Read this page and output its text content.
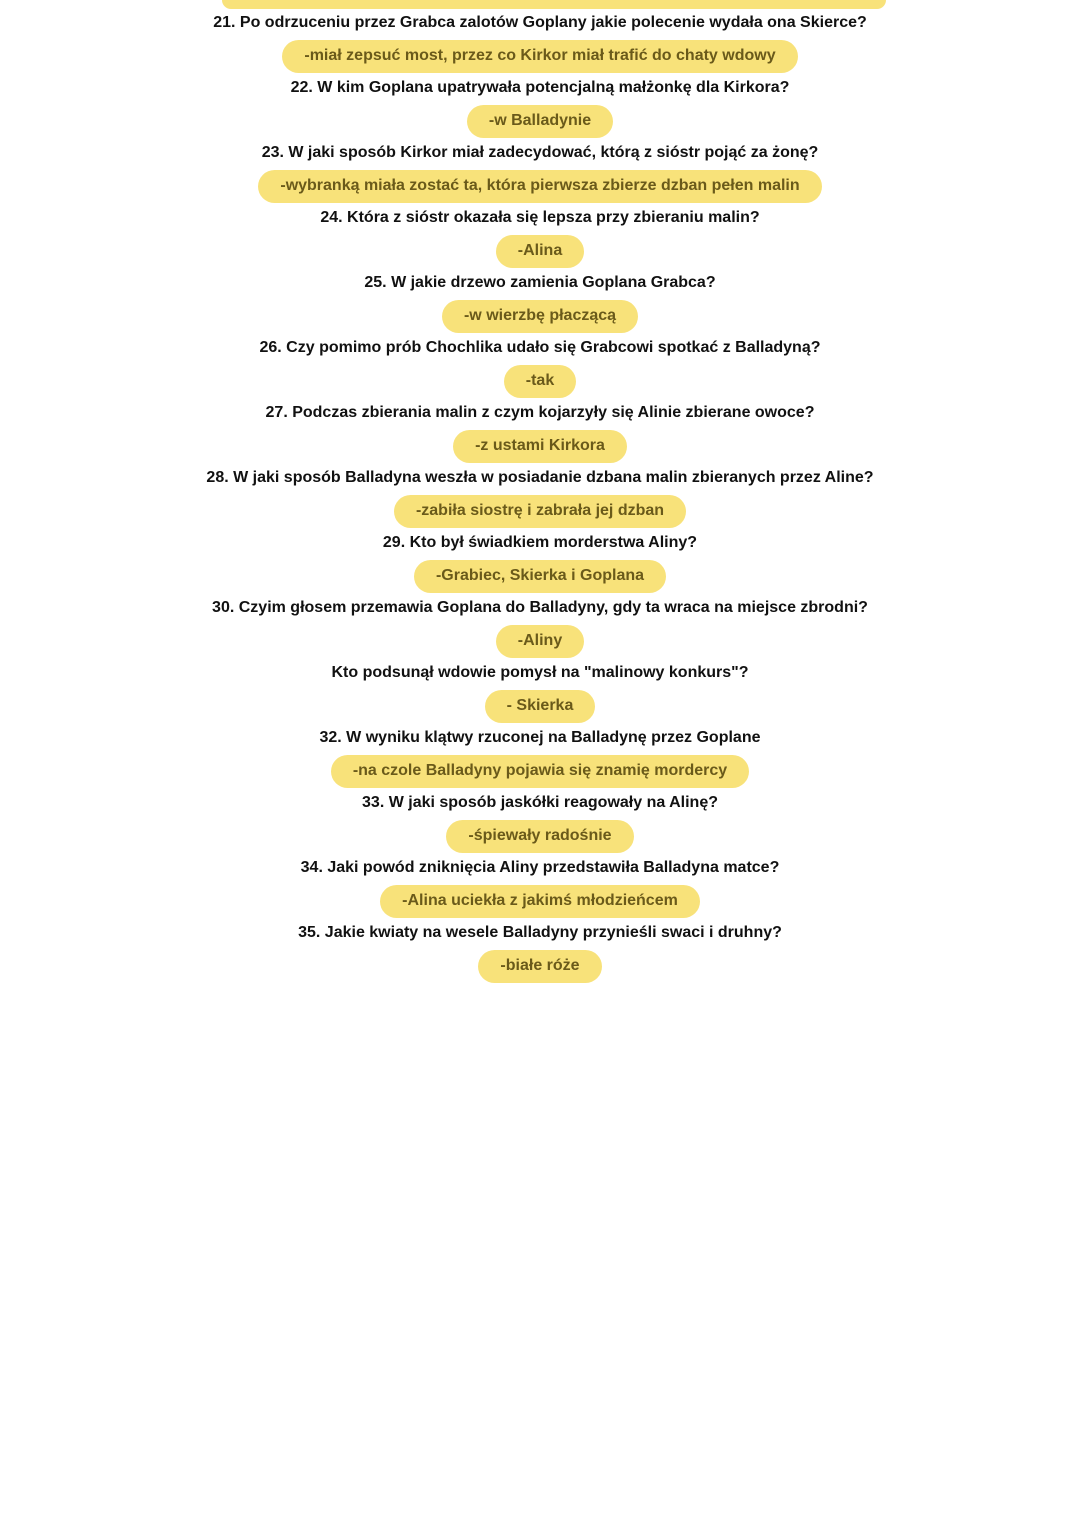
21. Po odrzuceniu przez Grabca zalotów Goplany jakie polecenie wydała ona Skierce?

-miał zepsuć most, przez co Kirkor miał trafić do chaty wdowy

22. W kim Goplana upatrywała potencjalną małżonkę dla Kirkora?

-w Balladynie

23. W jaki sposób Kirkor miał zadecydować, którą z sióstr pojąć za żonę?

-wybranką miała zostać ta, która pierwsza zbierze dzban pełen malin

24. Która z sióstr okazała się lepsza przy zbieraniu malin?

-Alina

25. W jakie drzewo zamienia Goplana Grabca?

-w wierzbę płaczącą

26. Czy pomimo prób Chochlika udało się Grabcowi spotkać z Balladyną?

-tak

27. Podczas zbierania malin z czym kojarzyły się Alinie zbierane owoce?

-z ustami Kirkora

28. W jaki sposób Balladyna weszła w posiadanie dzbana malin zbieranych przez Aline?

-zabiła siostrę i zabrała jej dzban

29. Kto był świadkiem morderstwa Aliny?

-Grabiec, Skierka i Goplana

30. Czyim głosem przemawia Goplana do Balladyny, gdy ta wraca na miejsce zbrodni?

-Aliny

Kto podsunął wdowie pomysł na "malinowy konkurs"?

- Skierka

32. W wyniku klątwy rzuconej na Balladynę przez Goplane

-na czole Balladyny pojawia się znamię mordercy

33. W jaki sposób jaskółki reagowały na Alinę?

-śpiewały radośnie

34. Jaki powód zniknięcia Aliny przedstawiła Balladyna matce?

-Alina uciekła z jakimś młodzieńcem

35. Jakie kwiaty na wesele Balladyny przynieśli swaci i druhny?

-białe róże
